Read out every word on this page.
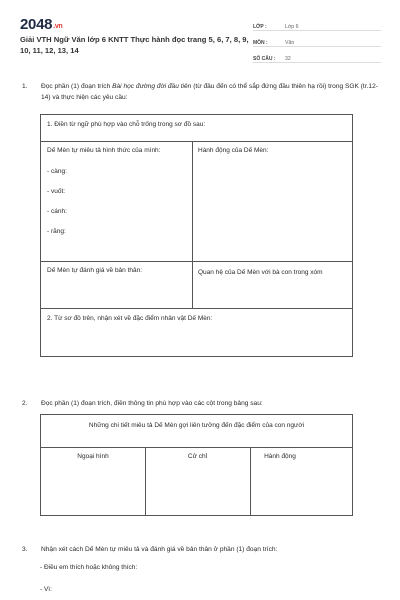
2048.vn
Giải VTH Ngữ Văn lớp 6 KNTT Thực hành đọc trang 5, 6, 7, 8, 9, 10, 11, 12, 13, 14
LỚP :	Lớp 6
MÔN :	Văn
SỐ CÂU :	32
1. Đọc phần (1) đoạn trích Bài học đường đời đầu tiên (từ đầu đến có thể sắp đứng đầu thiên hạ rồi) trong SGK (tr.12-14) và thực hiện các yêu cầu:
1. Điền từ ngữ phù hợp vào chỗ trống trong sơ đồ sau:
Dế Mèn tự miêu tả hình thức của mình:
- càng:
- vuốt:
- cánh:
- răng:
Hành động của Dế Mèn:
Dế Mèn tự đánh giá về bản thân:	Quan hệ của Dế Mèn với bà con trong xóm
2. Từ sơ đồ trên, nhận xét về đặc điểm nhân vật Dế Mèn:
2. Đọc phần (1) đoạn trích, điền thông tin phù hợp vào các cột trong bảng sau:
Những chi tiết miêu tả Dế Mèn gợi liên tưởng đến đặc điểm của con người
Ngoại hình	Cử chỉ	Hành động
3. Nhận xét cách Dế Mèn tự miêu tả và đánh giá về bản thân ở phần (1) đoạn trích:
- Điều em thích hoặc không thích:
- Vì:
